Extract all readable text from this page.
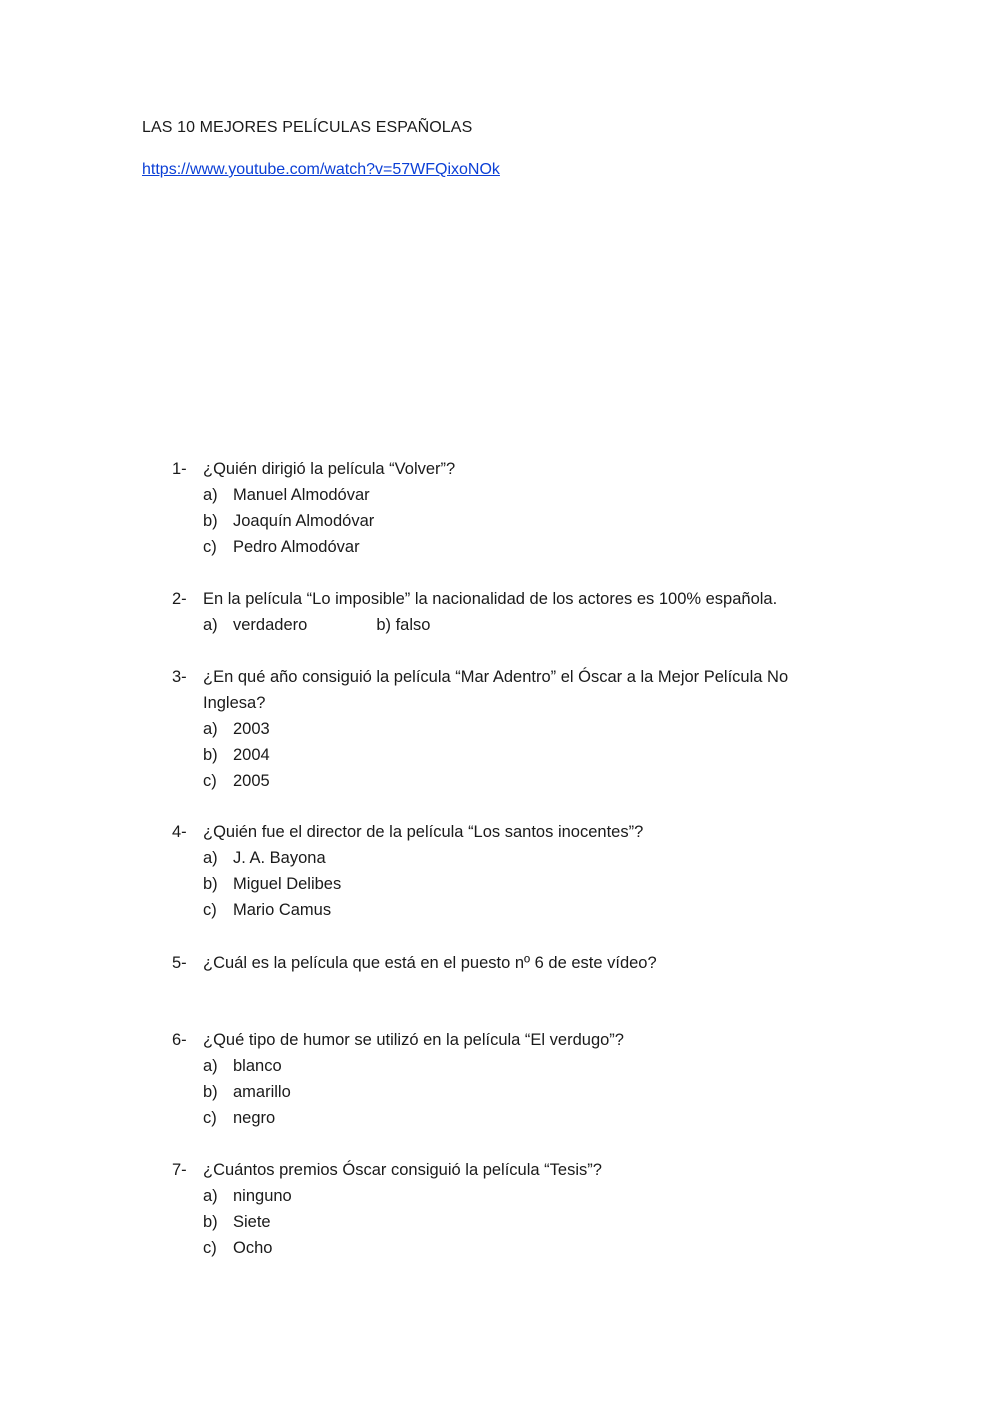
LAS 10 MEJORES PELÍCULAS ESPAÑOLAS
https://www.youtube.com/watch?v=57WFQixoNOk
1- ¿Quién dirigió la película “Volver”?
a) Manuel Almodóvar
b) Joaquín Almodóvar
c) Pedro Almodóvar
2- En la película “Lo imposible” la nacionalidad de los actores es 100% española.
a) verdadero	b) falso
3- ¿En qué año consiguió la película “Mar Adentro” el Óscar a la Mejor Película No Inglesa?
a) 2003
b) 2004
c) 2005
4- ¿Quién fue el director de la película “Los santos inocentes”?
a) J. A. Bayona
b) Miguel Delibes
c) Mario Camus
5- ¿Cuál es la película que está en el puesto nº 6 de este vídeo?
6- ¿Qué tipo de humor se utilizó en la película “El verdugo”?
a) blanco
b) amarillo
c) negro
7- ¿Cuántos premios Óscar consiguió la película “Tesis”?
a) ninguno
b) Siete
c) Ocho
